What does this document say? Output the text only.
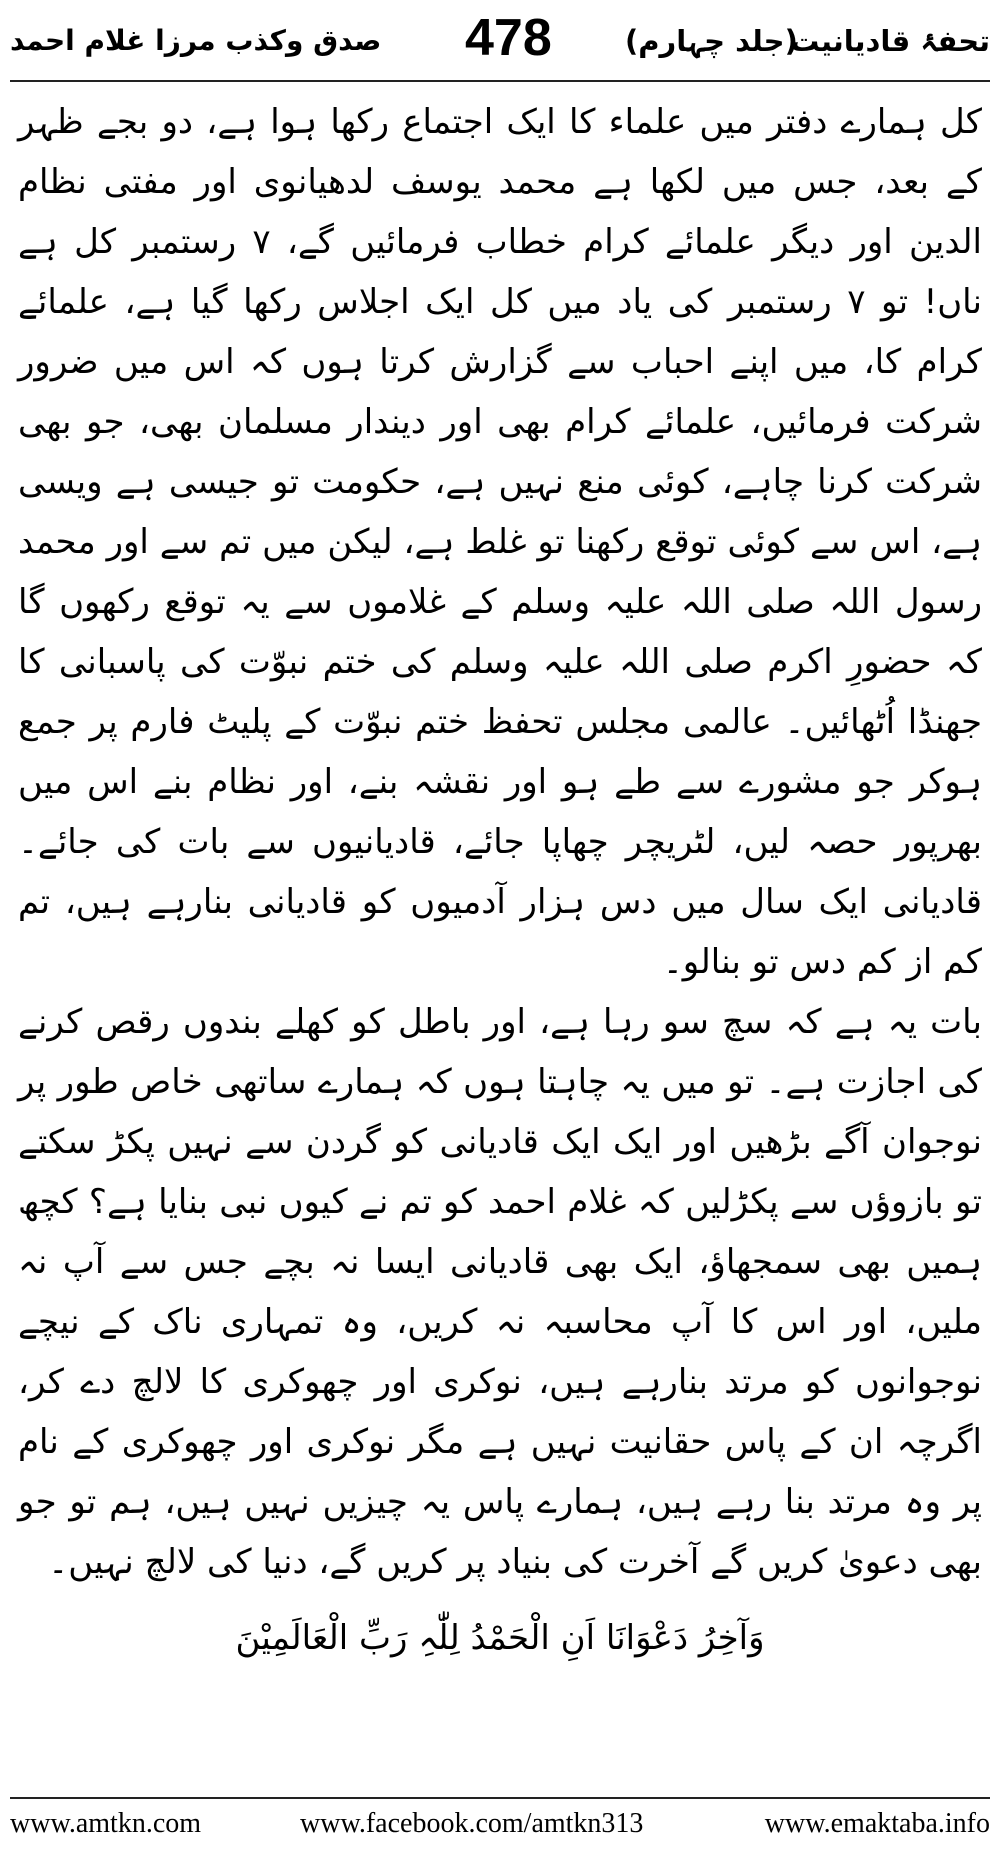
صدق وکذب مرزا غلام احمد 478	(جلد چہارم)
تحفۂ قادیانیت

کل ہمارے دفتر میں علماء کا ایک اجتماع رکھا ہوا ہے، دو بجے ظہر کے بعد، جس میں لکھا ہے محمد یوسف لدھیانوی اور مفتی نظام الدین اور دیگر علمائے کرام خطاب فرمائیں گے، ۷ رستمبر کل ہے ناں! تو ۷ رستمبر کی یاد میں کل ایک اجلاس رکھا گیا ہے، علمائے کرام کا، میں اپنے احباب سے گزارش کرتا ہوں کہ اس میں ضرور شرکت فرمائیں، علمائے کرام بھی اور دیندار مسلمان بھی، جو بھی شرکت کرنا چاہے، کوئی منع نہیں ہے، حکومت تو جیسی ہے ویسی ہے، اس سے کوئی توقع رکھنا تو غلط ہے، لیکن میں تم سے اور محمد رسول اللہ صلی اللہ علیہ وسلم کے غلاموں سے یہ توقع رکھوں گا کہ حضورِ اکرم صلی اللہ علیہ وسلم کی ختم نبوّت کی پاسبانی کا جھنڈا اُٹھائیں۔ عالمی مجلس تحفظ ختم نبوّت کے پلیٹ فارم پر جمع ہوکر جو مشورے سے طے ہو اور نقشہ بنے، اور نظام بنے اس میں بھرپور حصہ لیں، لٹریچر چھاپا جائے، قادیانیوں سے بات کی جائے۔ قادیانی ایک سال میں دس ہزار آدمیوں کو قادیانی بنارہے ہیں، تم کم از کم دس تو بنالو۔

بات یہ ہے کہ سچ سو رہا ہے، اور باطل کو کھلے بندوں رقص کرنے کی اجازت ہے۔ تو میں یہ چاہتا ہوں کہ ہمارے ساتھی خاص طور پر نوجوان آگے بڑھیں اور ایک ایک قادیانی کو گردن سے نہیں پکڑ سکتے تو بازوؤں سے پکڑلیں کہ غلام احمد کو تم نے کیوں نبی بنایا ہے؟ کچھ ہمیں بھی سمجھاؤ، ایک بھی قادیانی ایسا نہ بچے جس سے آپ نہ ملیں، اور اس کا آپ محاسبہ نہ کریں، وہ تمہاری ناک کے نیچے نوجوانوں کو مرتد بنارہے ہیں، نوکری اور چھوکری کا لالچ دے کر، اگرچہ ان کے پاس حقانیت نہیں ہے مگر نوکری اور چھوکری کے نام پر وہ مرتد بنا رہے ہیں، ہمارے پاس یہ چیزیں نہیں ہیں، ہم تو جو بھی دعویٰ کریں گے آخرت کی بنیاد پر کریں گے، دنیا کی لالچ نہیں۔

وَآخِرُ دَعْوَانَا اَنِ الْحَمْدُ لِلّٰہِ رَبِّ الْعَالَمِیْنَ
www.amtkn.com	www.facebook.com/amtkn313	www.emaktaba.info
